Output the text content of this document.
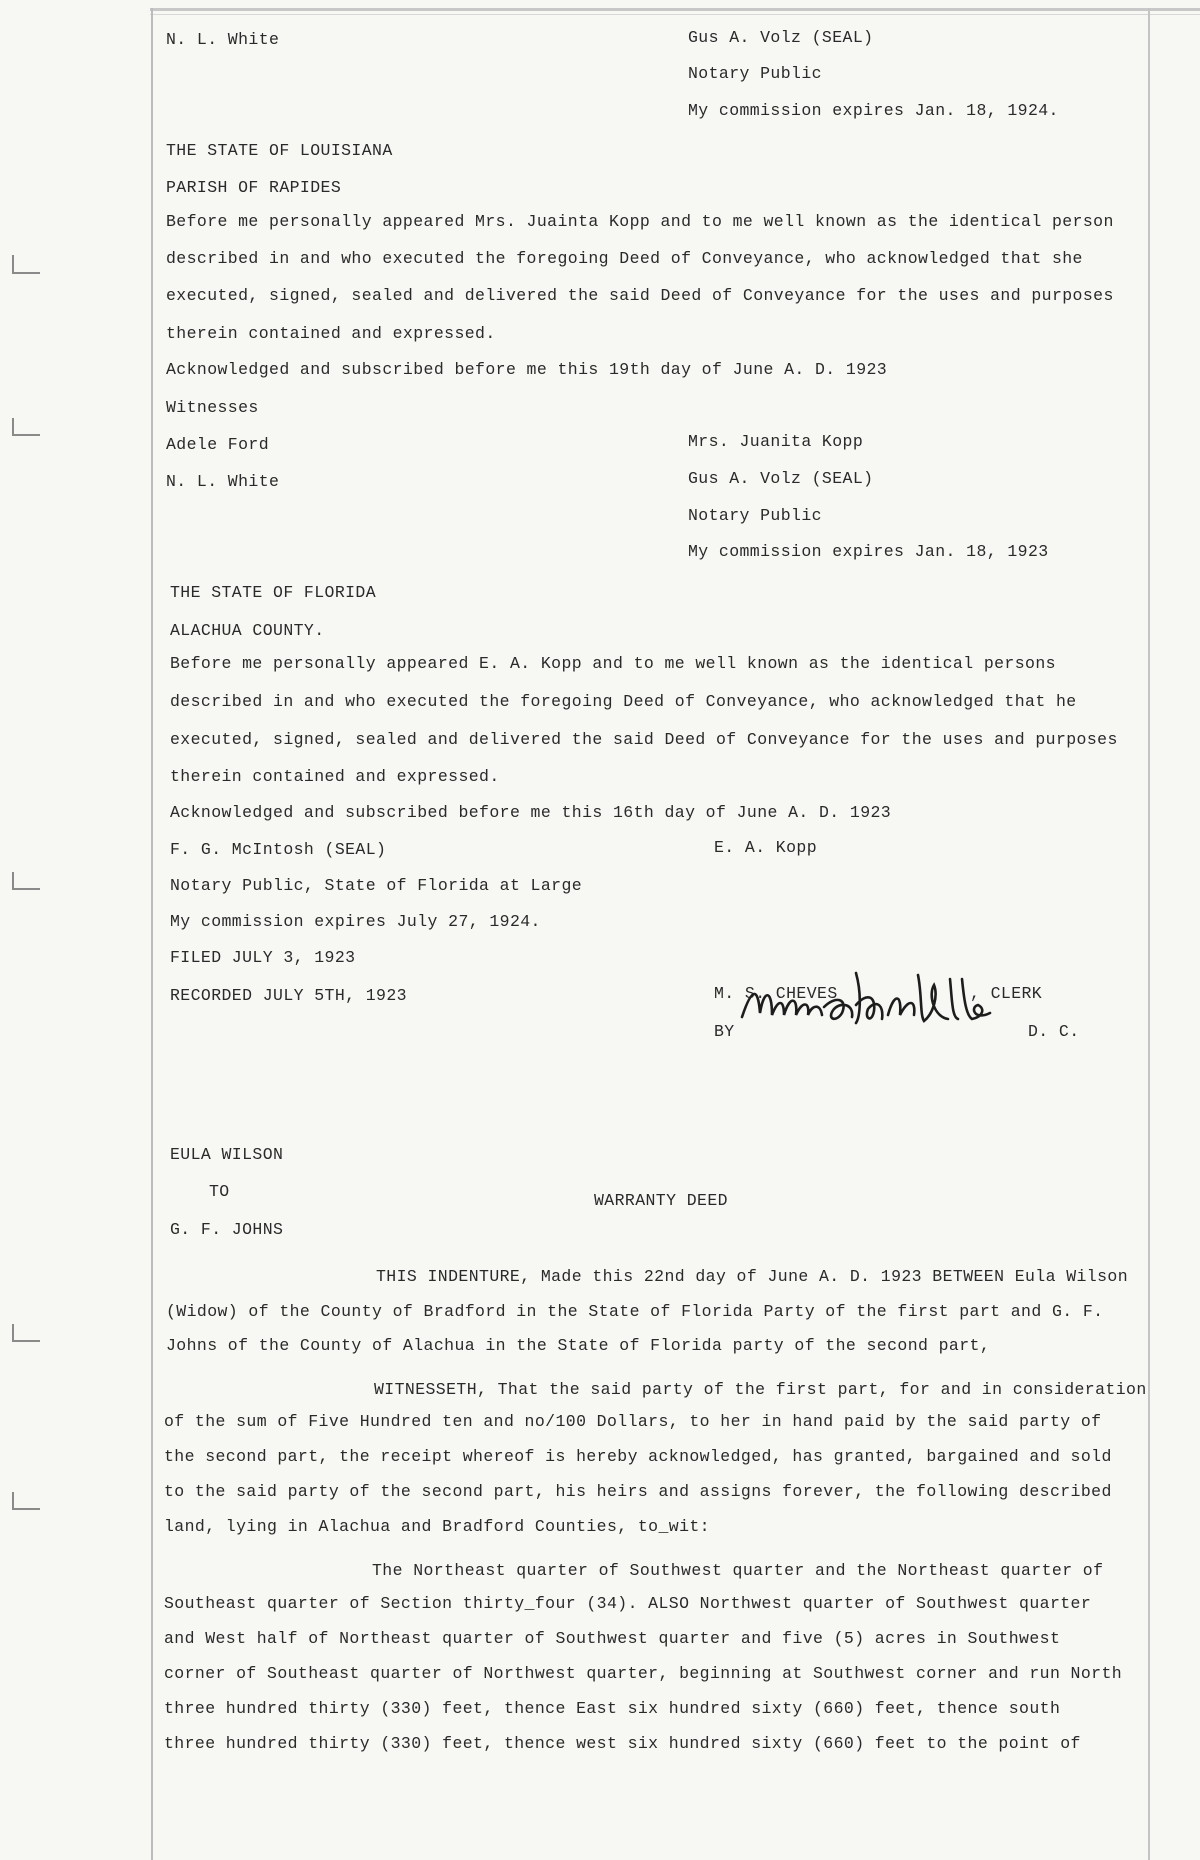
N. L. White	Gus A. Volz (SEAL)
Notary Public
My commission expires Jan. 18, 1924.
THE STATE OF LOUISIANA
PARISH OF RAPIDES
Before me personally appeared Mrs. Juainta Kopp and to me well known as the identical person
described in and who executed the foregoing Deed of Conveyance, who acknowledged that she
executed, signed, sealed and delivered the said Deed of Conveyance for the uses and purposes
therein contained and expressed.
Acknowledged and subscribed before me this 19th day of June A. D. 1923
Witnesses
Adele Ford	Mrs. Juanita Kopp
N. L. White	Gus A. Volz (SEAL)
Notary Public
My commission expires Jan. 18, 1923
THE STATE OF FLORIDA
ALACHUA COUNTY.
Before me personally appeared E. A. Kopp and to me well known as the identical persons
described in and who executed the foregoing Deed of Conveyance, who acknowledged that he
executed, signed, sealed and delivered the said Deed of Conveyance for the uses and purposes
therein contained and expressed.
Acknowledged and subscribed before me this 16th day of June A. D. 1923
F. G. McIntosh (SEAL)	E. A. Kopp
Notary Public, State of Florida at Large
My commission expires July 27, 1924.
FILED JULY 3, 1923
RECORDED JULY 5TH, 1923	M. S. CHEVES	, CLERK
BY	D. C.
EULA WILSON
TO	WARRANTY DEED
G. F. JOHNS
THIS INDENTURE, Made this 22nd day of June A. D. 1923 BETWEEN Eula Wilson
(Widow) of the County of Bradford in the State of Florida Party of the first part and G. F.
Johns of the County of Alachua in the State of Florida party of the second part,
WITNESSETH, That the said party of the first part, for and in consideration
of the sum of Five Hundred ten and no/100 Dollars, to her in hand paid by the said party of
the second part, the receipt whereof is hereby acknowledged, has granted, bargained and sold
to the said party of the second part, his heirs and assigns forever, the following described
land, lying in Alachua and Bradford Counties, to_wit:
The Northeast quarter of Southwest quarter and the Northeast quarter of
Southeast quarter of Section thirty_four (34). ALSO Northwest quarter of Southwest quarter
and West half of Northeast quarter of Southwest quarter and five (5) acres in Southwest
corner of Southeast quarter of Northwest quarter, beginning at Southwest corner and run North
three hundred thirty (330) feet, thence East six hundred sixty (660) feet, thence south
three hundred thirty (330) feet, thence west six hundred sixty (660) feet to the point of
